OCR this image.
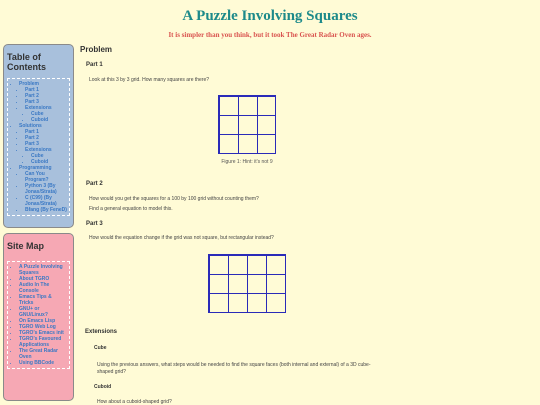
A Puzzle Involving Squares
It is simpler than you think, but it took The Great Radar Oven ages.
Table of Contents
• Problem
• Part 1
• Part 2
• Part 3
• Extensions
• Cube
• Cuboid
• Solutions
• Part 1
• Part 2
• Part 3
• Extensions
• Cube
• Cuboid
• Programming
• Can You Program?
• Python 3 (By Jonas/Strata)
• C (C99) (By Jonas/Strata)
• Bfang (By FeneD)
Site Map
• A Puzzle Involving Squares
• About TGRO
• Audio In The Console
• Emacs Tips & Tricks
• GNU+ or GNU/Linux?
• On Emacs Lisp
• TGRO Web Log
• TGRO's Emacs init
• TGRO's Favoured Applications
• The Great Radar Oven
• Using BBCode
Problem
Part 1
Look at this 3 by 3 grid. How many squares are there?
Figure 1: Hint: it's not 9
Part 2
How would you get the squares for a 100 by 100 grid without counting them?
Find a general equation to model this.
Part 3
How would the equation change if the grid was not square, but rectangular instead?
Extensions
Cube
Using the previous answers, what steps would be needed to find the square faces (both internal and external) of a 3D cube-
shaped grid?
Cuboid
How about a cuboid-shaped grid?
